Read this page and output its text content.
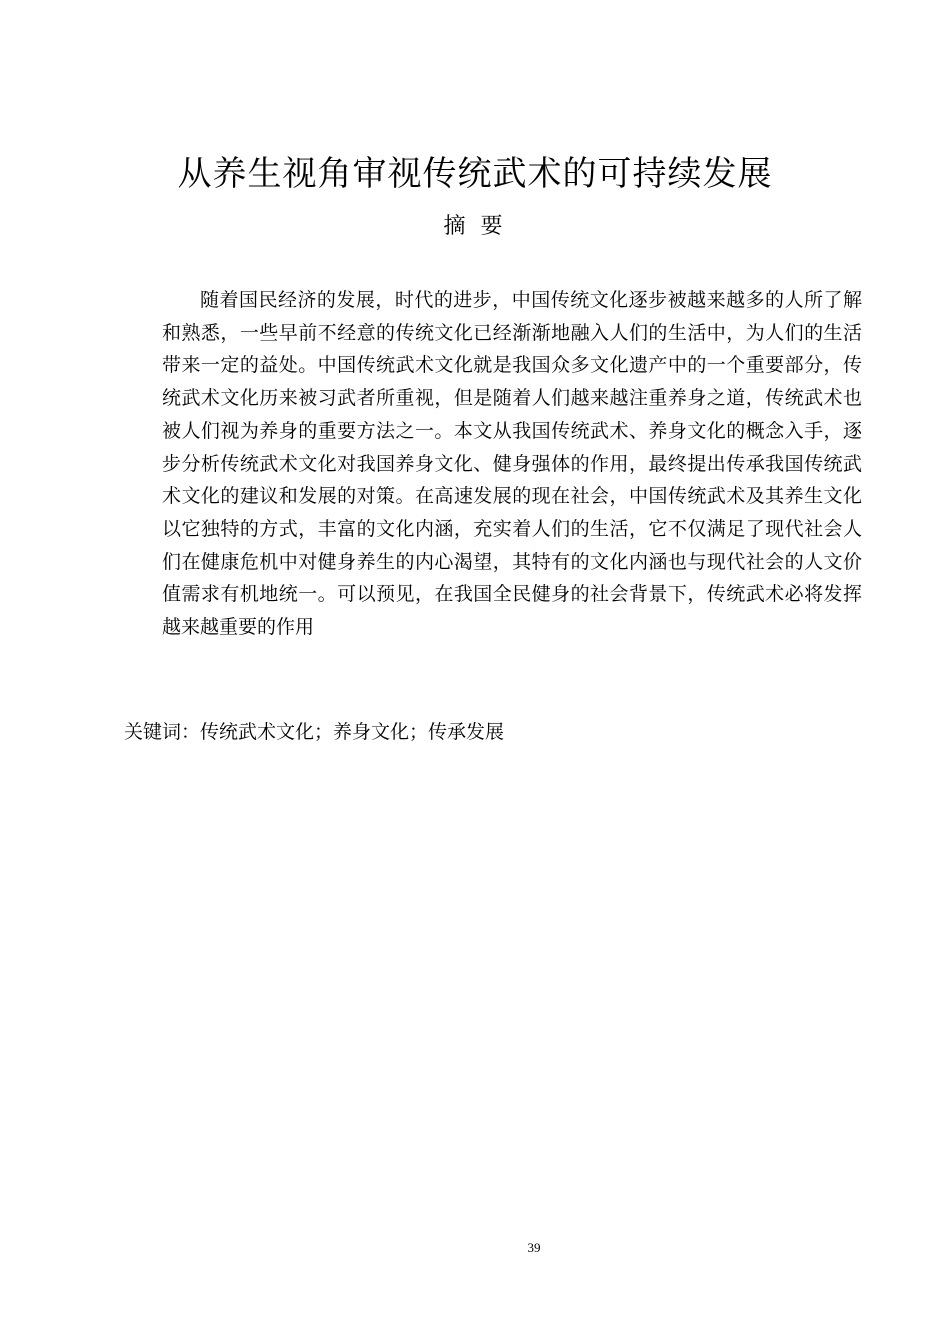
从养生视角审视传统武术的可持续发展
摘 要
随着国民经济的发展，时代的进步，中国传统文化逐步被越来越多的人所了解和熟悉，一些早前不经意的传统文化已经渐渐地融入人们的生活中，为人们的生活带来一定的益处。中国传统武术文化就是我国众多文化遗产中的一个重要部分，传统武术文化历来被习武者所重视，但是随着人们越来越注重养身之道，传统武术也被人们视为养身的重要方法之一。本文从我国传统武术、养身文化的概念入手，逐步分析传统武术文化对我国养身文化、健身强体的作用，最终提出传承我国传统武术文化的建议和发展的对策。在高速发展的现在社会，中国传统武术及其养生文化以它独特的方式，丰富的文化内涵，充实着人们的生活，它不仅满足了现代社会人们在健康危机中对健身养生的内心渴望，其特有的文化内涵也与现代社会的人文价值需求有机地统一。可以预见，在我国全民健身的社会背景下，传统武术必将发挥越来越重要的作用
关键词：传统武术文化；养身文化；传承发展
39
